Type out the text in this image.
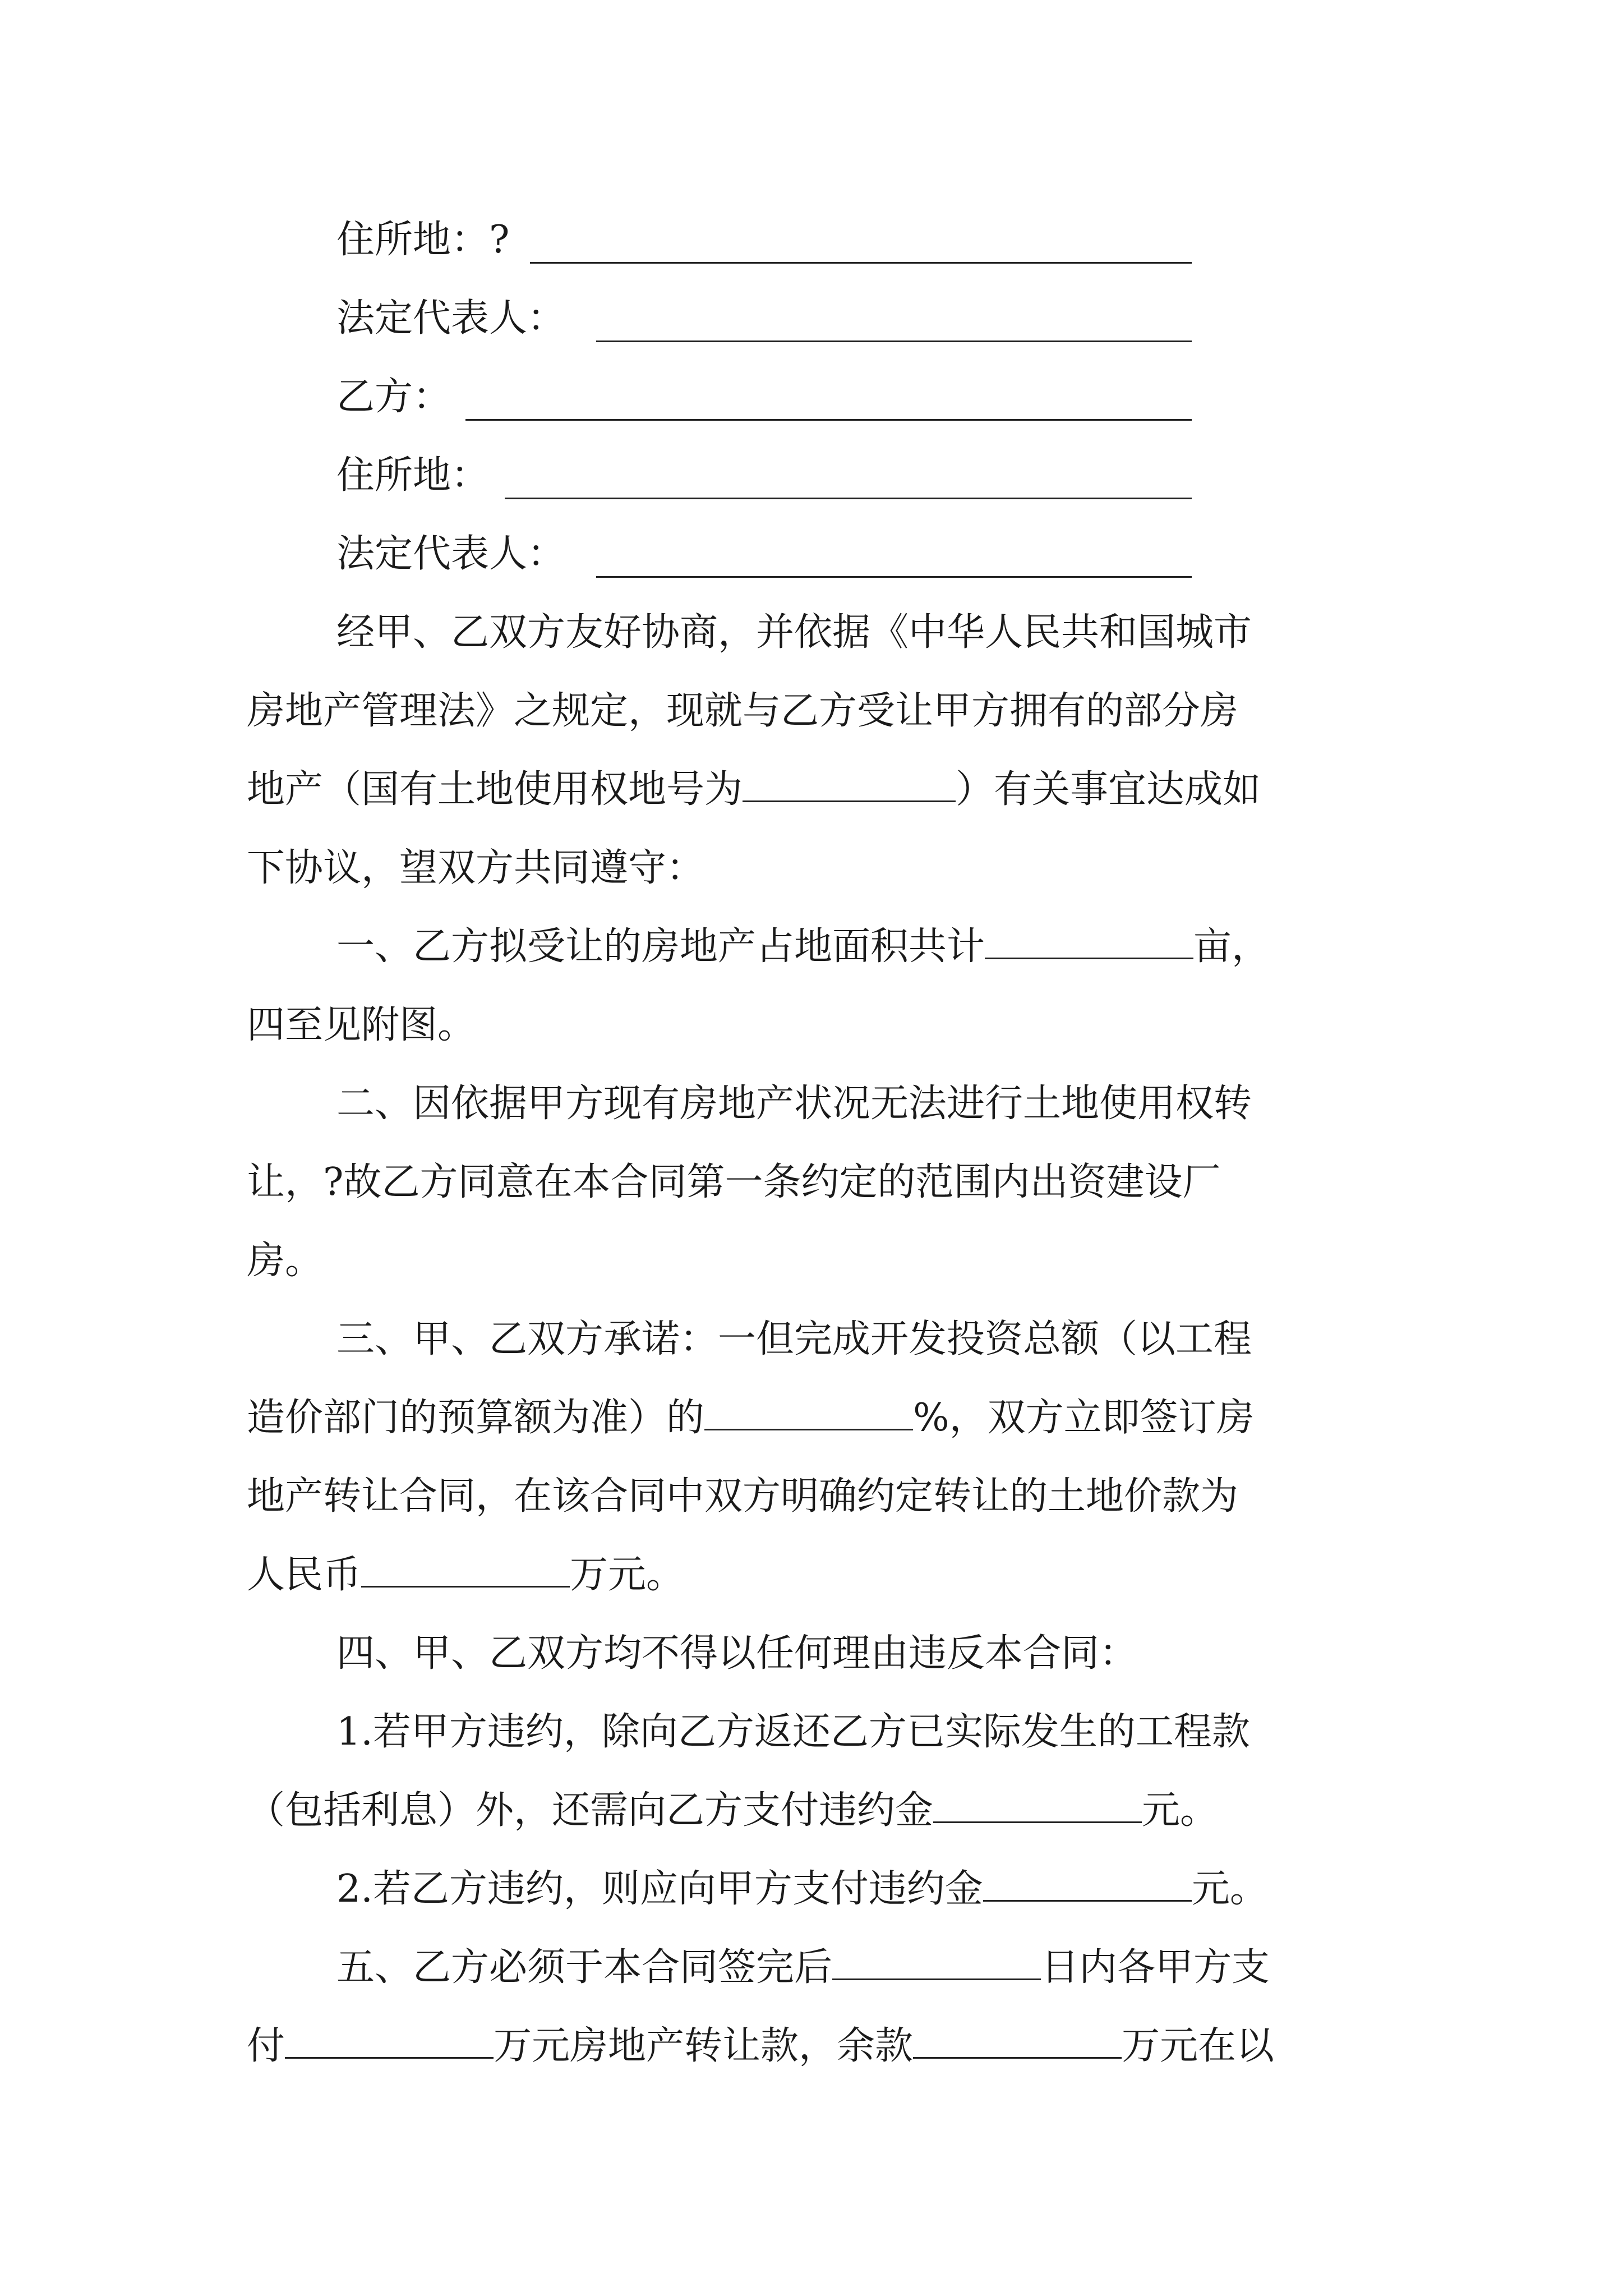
住所地：?
法定代表人：
乙方：
住所地：
法定代表人：
经甲、乙双方友好协商，并依据《中华人民共和国城市
房地产管理法》之规定，现就与乙方受让甲方拥有的部分房
地产（国有土地使用权地号为	）有关事宜达成如
下协议，望双方共同遵守：
一、乙方拟受让的房地产占地面积共计	亩，
四至见附图。
二、因依据甲方现有房地产状况无法进行土地使用权转
让，?故乙方同意在本合同第一条约定的范围内出资建设厂
房。
三、甲、乙双方承诺：一但完成开发投资总额（以工程
造价部门的预算额为准）的	%，双方立即签订房
地产转让合同，在该合同中双方明确约定转让的土地价款为
人民币	万元。
四、甲、乙双方均不得以任何理由违反本合同：
1.若甲方违约，除向乙方返还乙方已实际发生的工程款
（包括利息）外，还需向乙方支付违约金	元。
2.若乙方违约，则应向甲方支付违约金	元。
五、乙方必须于本合同签完后	日内各甲方支
付	万元房地产转让款，余款	万元在以
